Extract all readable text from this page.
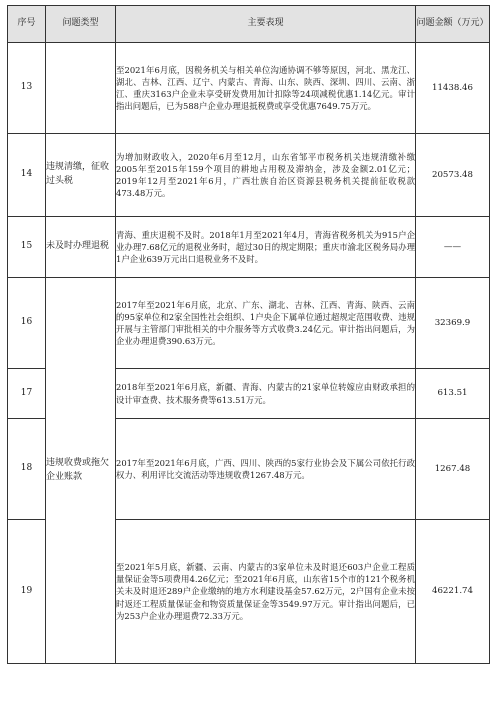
序号	问题类型	主要表现	问题金额（万元）
13		至2021年6月底，因税务机关与相关单位沟通协调不够等原因，河北、黑龙江、湖北、吉林、江西、辽宁、内蒙古、青海、山东、陕西、深圳、四川、云南、浙江、重庆3163户企业未享受研发费用加计扣除等24项减税优惠1.14亿元。审计指出问题后，已为588户企业办理退抵税费或享受优惠7649.75万元。	11438.46
14	违规清缴，征收过头税	为增加财政收入，2020年6月至12月，山东省邹平市税务机关违规清缴补缴2005年至2015年159个项目的耕地占用税及滞纳金，涉及金额2.01亿元；2019年12月至2021年6月，广西壮族自治区资源县税务机关提前征收税款473.48万元。	20573.48
15	未及时办理退税	青海、重庆退税不及时。2018年1月至2021年4月，青海省税务机关为915户企业办理7.68亿元的退税业务时，超过30日的规定期限；重庆市渝北区税务局办理1户企业639万元出口退税业务不及时。	——
16	违规收费或拖欠企业账款	2017年至2021年6月底，北京、广东、湖北、吉林、江西、青海、陕西、云南的95家单位和2家全国性社会组织、1户央企下属单位通过超规定范围收费、违规开展与主管部门审批相关的中介服务等方式收费3.24亿元。审计指出问题后，为企业办理退费390.63万元。	32369.9
17		2018年至2021年6月底，新疆、青海、内蒙古的21家单位转嫁应由财政承担的设计审查费、技术服务费等613.51万元。	613.51
18		2017年至2021年6月底，广西、四川、陕西的5家行业协会及下属公司依托行政权力、利用评比交流活动等违规收费1267.48万元。	1267.48
19		至2021年5月底，新疆、云南、内蒙古的3家单位未及时退还603户企业工程质量保证金等5项费用4.26亿元；至2021年6月底，山东省15个市的121个税务机关未及时退还289户企业缴纳的地方水利建设基金57.62万元，2户国有企业未按时返还工程质量保证金和物资质量保证金等3549.97万元。审计指出问题后，已为253户企业办理退费72.33万元。	46221.74
